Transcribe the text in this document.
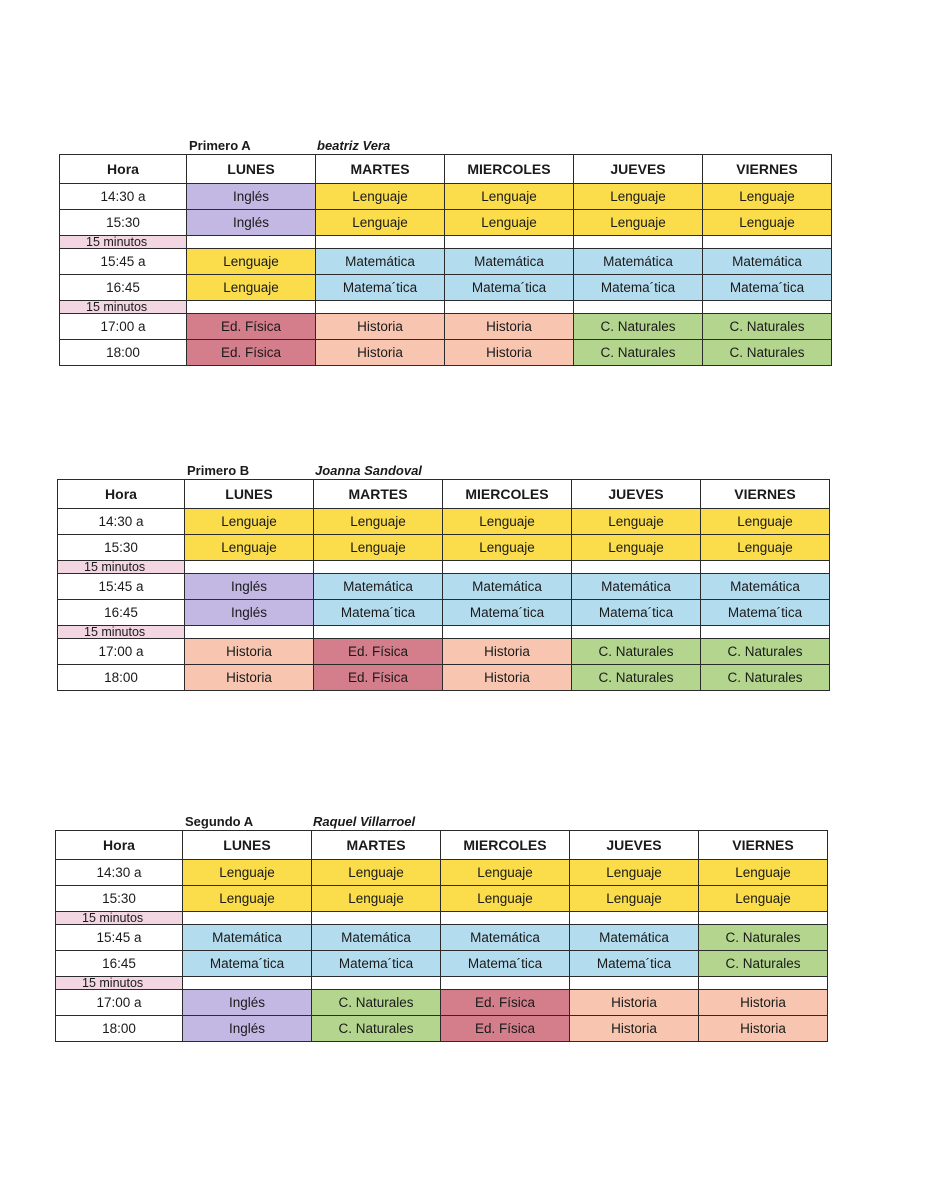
Primero A	beatriz Vera
Hora	LUNES	MARTES	MIERCOLES	JUEVES	VIERNES
14:30 a	Inglés	Lenguaje	Lenguaje	Lenguaje	Lenguaje
15:30	Inglés	Lenguaje	Lenguaje	Lenguaje	Lenguaje
15 minutos					
15:45 a	Lenguaje	Matemática	Matemática	Matemática	Matemática
16:45	Lenguaje	Matema´tica	Matema´tica	Matema´tica	Matema´tica
15 minutos					
17:00 a	Ed. Física	Historia	Historia	C. Naturales	C. Naturales
18:00	Ed. Física	Historia	Historia	C. Naturales	C. Naturales
Primero B	Joanna Sandoval
Hora	LUNES	MARTES	MIERCOLES	JUEVES	VIERNES
14:30 a	Lenguaje	Lenguaje	Lenguaje	Lenguaje	Lenguaje
15:30	Lenguaje	Lenguaje	Lenguaje	Lenguaje	Lenguaje
15 minutos					
15:45 a	Inglés	Matemática	Matemática	Matemática	Matemática
16:45	Inglés	Matema´tica	Matema´tica	Matema´tica	Matema´tica
15 minutos					
17:00 a	Historia	Ed. Física	Historia	C. Naturales	C. Naturales
18:00	Historia	Ed. Física	Historia	C. Naturales	C. Naturales
Segundo A	Raquel Villarroel
Hora	LUNES	MARTES	MIERCOLES	JUEVES	VIERNES
14:30 a	Lenguaje	Lenguaje	Lenguaje	Lenguaje	Lenguaje
15:30	Lenguaje	Lenguaje	Lenguaje	Lenguaje	Lenguaje
15 minutos					
15:45 a	Matemática	Matemática	Matemática	Matemática	C. Naturales
16:45	Matema´tica	Matema´tica	Matema´tica	Matema´tica	C. Naturales
15 minutos					
17:00 a	Inglés	C. Naturales	Ed. Física	Historia	Historia
18:00	Inglés	C. Naturales	Ed. Física	Historia	Historia
